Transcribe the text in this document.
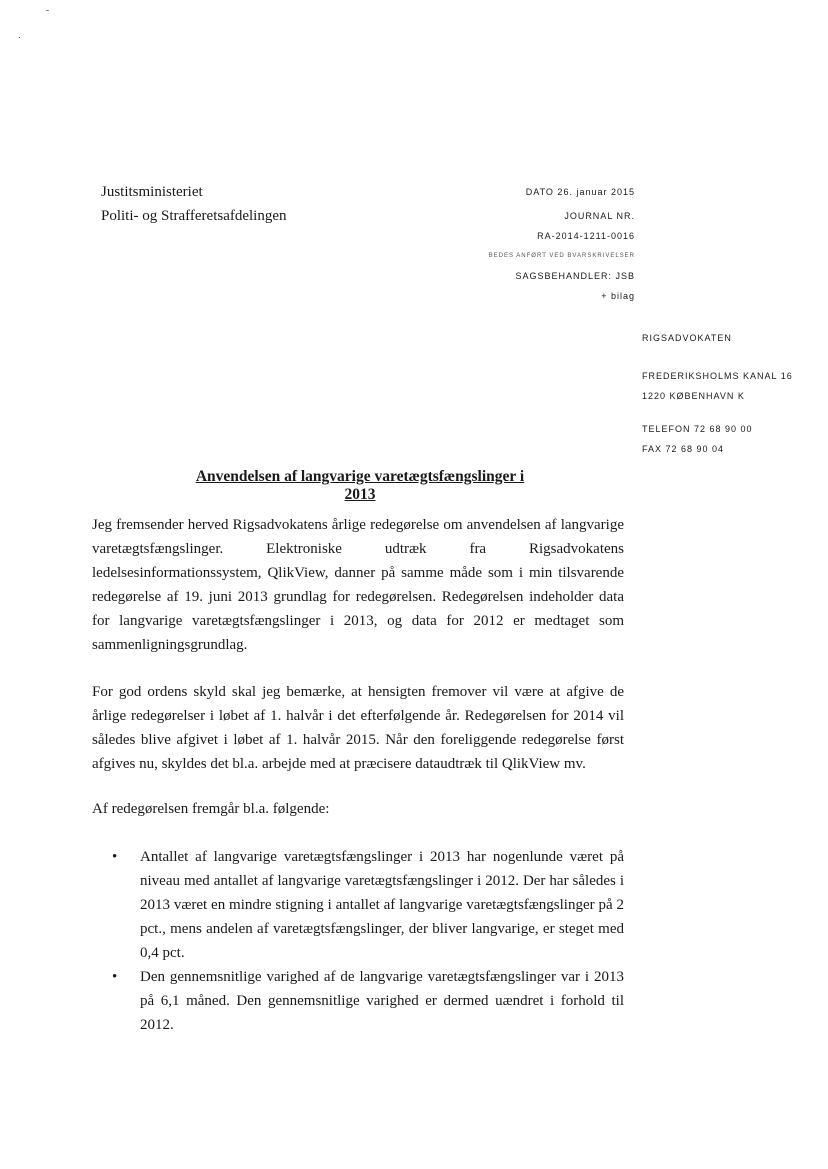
˗
·
Justitsministeriet
Politi- og Strafferetsafdelingen
DATO 26. januar 2015
JOURNAL NR.
RA-2014-1211-0016
BEDES ANFØRT VED BVARSKRIVELSER
SAGSBEHANDLER: JSB
+ bilag
RIGSADVOKATEN
FREDERIKSHOLMS KANAL 16
1220 KØBENHAVN K
TELEFON 72 68 90 00
FAX 72 68 90 04
Anvendelsen af langvarige varetægtsfængslinger i 2013
Jeg fremsender herved Rigsadvokatens årlige redegørelse om anvendelsen af langvarige varetægtsfængslinger. Elektroniske udtræk fra Rigsadvokatens ledelsesinformationssystem, QlikView, danner på samme måde som i min tilsvarende redegørelse af 19. juni 2013 grundlag for redegørelsen. Redegørelsen indeholder data for langvarige varetægtsfængslinger i 2013, og data for 2012 er medtaget som sammenligningsgrundlag.
For god ordens skyld skal jeg bemærke, at hensigten fremover vil være at afgive de årlige redegørelser i løbet af 1. halvår i det efterfølgende år. Redegørelsen for 2014 vil således blive afgivet i løbet af 1. halvår 2015. Når den foreliggende redegørelse først afgives nu, skyldes det bl.a. arbejde med at præcisere dataudtræk til QlikView mv.
Af redegørelsen fremgår bl.a. følgende:
• Antallet af langvarige varetægtsfængslinger i 2013 har nogenlunde været på niveau med antallet af langvarige varetægtsfængslinger i 2012. Der har således i 2013 været en mindre stigning i antallet af langvarige varetægtsfængslinger på 2 pct., mens andelen af varetægtsfængslinger, der bliver langvarige, er steget med 0,4 pct.
• Den gennemsnitlige varighed af de langvarige varetægtsfængslinger var i 2013 på 6,1 måned. Den gennemsnitlige varighed er dermed uændret i forhold til 2012.
